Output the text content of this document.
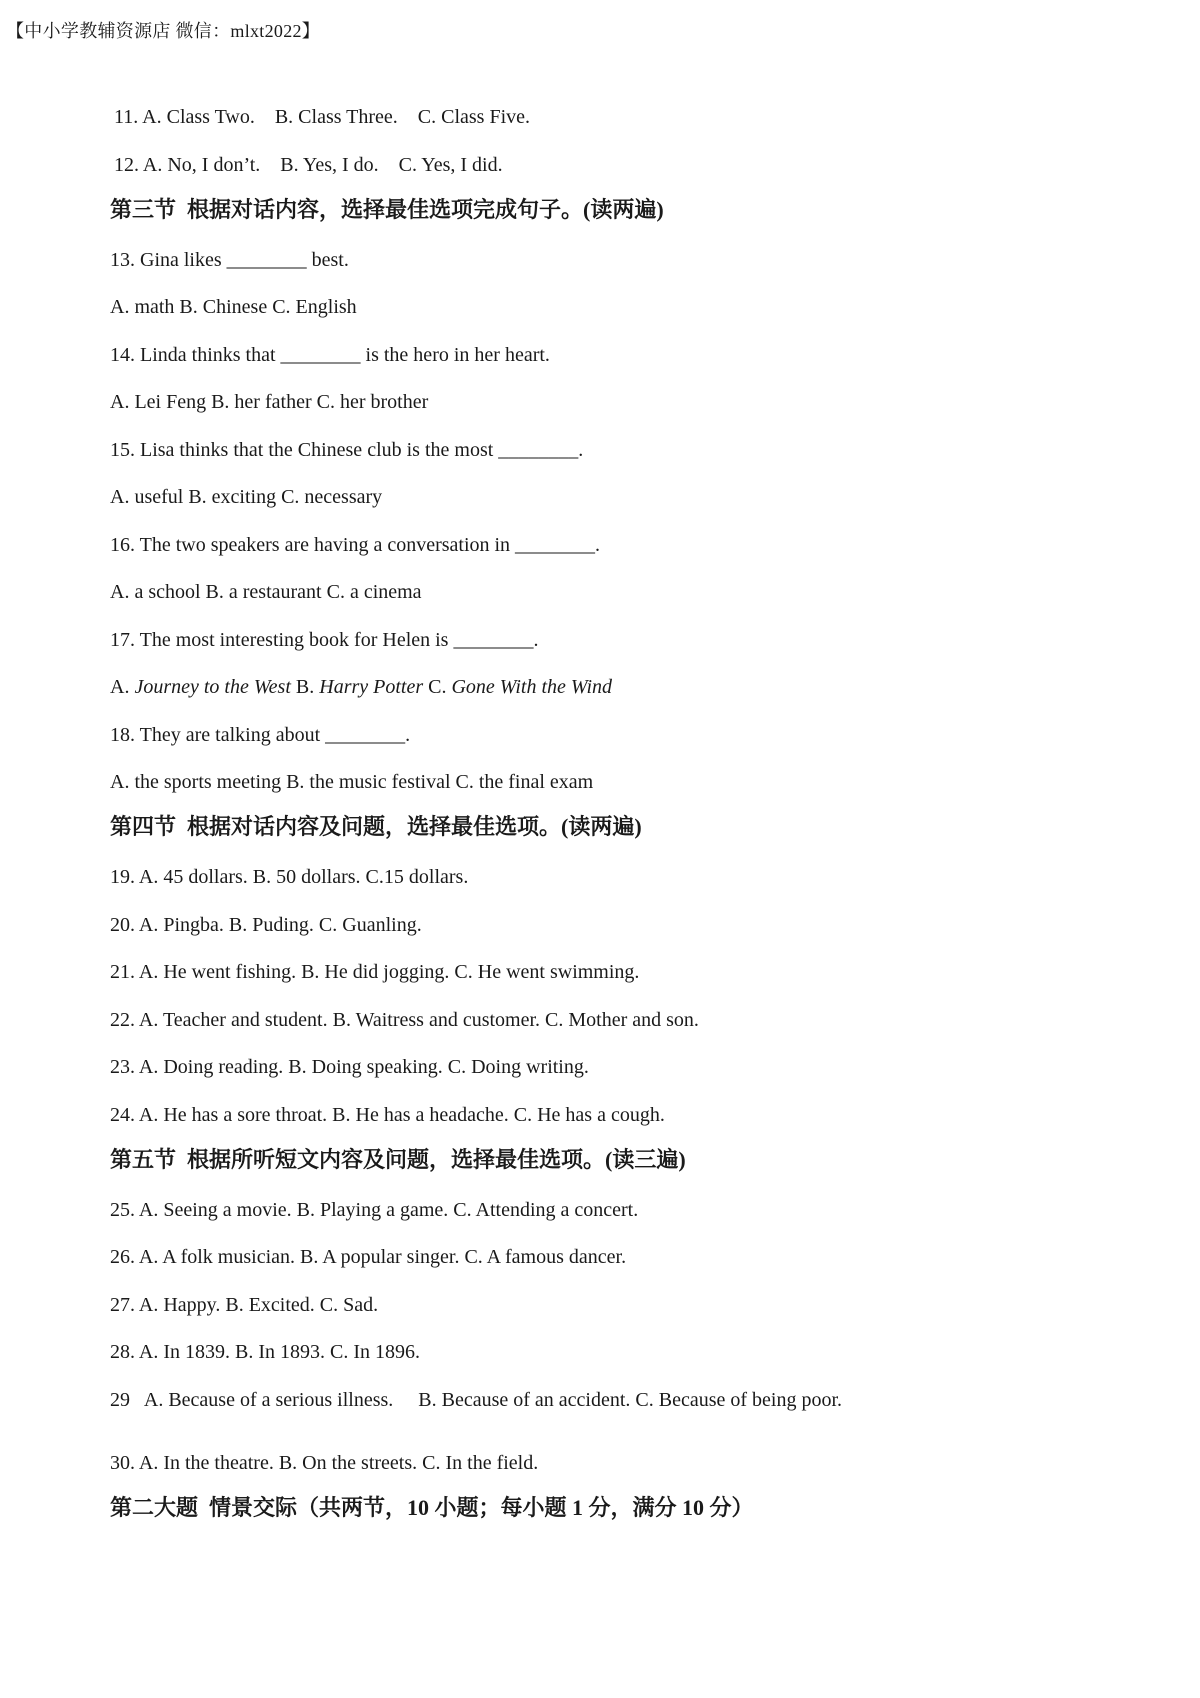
【中小学教辅资源店 微信：mlxt2022】
11. A. Class Two.    B. Class Three.    C. Class Five.
12. A. No, I don’t.    B. Yes, I do.    C. Yes, I did.
第三节  根据对话内容，选择最佳选项完成句子。(读两遍)
13. Gina likes ________ best.
A. math B. Chinese C. English
14. Linda thinks that ________ is the hero in her heart.
A. Lei Feng B. her father C. her brother
15. Lisa thinks that the Chinese club is the most ________.
A. useful B. exciting C. necessary
16. The two speakers are having a conversation in ________.
A. a school B. a restaurant C. a cinema
17. The most interesting book for Helen is ________.
A. Journey to the West B. Harry Potter C. Gone With the Wind
18. They are talking about ________.
A. the sports meeting B. the music festival C. the final exam
第四节  根据对话内容及问题，选择最佳选项。(读两遍)
19. A. 45 dollars. B. 50 dollars. C.15 dollars.
20. A. Pingba. B. Puding. C. Guanling.
21. A. He went fishing. B. He did jogging. C. He went swimming.
22. A. Teacher and student. B. Waitress and customer. C. Mother and son.
23. A. Doing reading. B. Doing speaking. C. Doing writing.
24. A. He has a sore throat. B. He has a headache. C. He has a cough.
第五节  根据所听短文内容及问题，选择最佳选项。(读三遍)
25. A. Seeing a movie. B. Playing a game. C. Attending a concert.
26. A. A folk musician. B. A popular singer. C. A famous dancer.
27. A. Happy. B. Excited. C. Sad.
28. A. In 1839. B. In 1893. C. In 1896.
29   A. Because of a serious illness.     B. Because of an accident. C. Because of being poor.
30. A. In the theatre. B. On the streets. C. In the field.
第二大题  情景交际（共两节，10 小题；每小题 1 分，满分 10 分）
